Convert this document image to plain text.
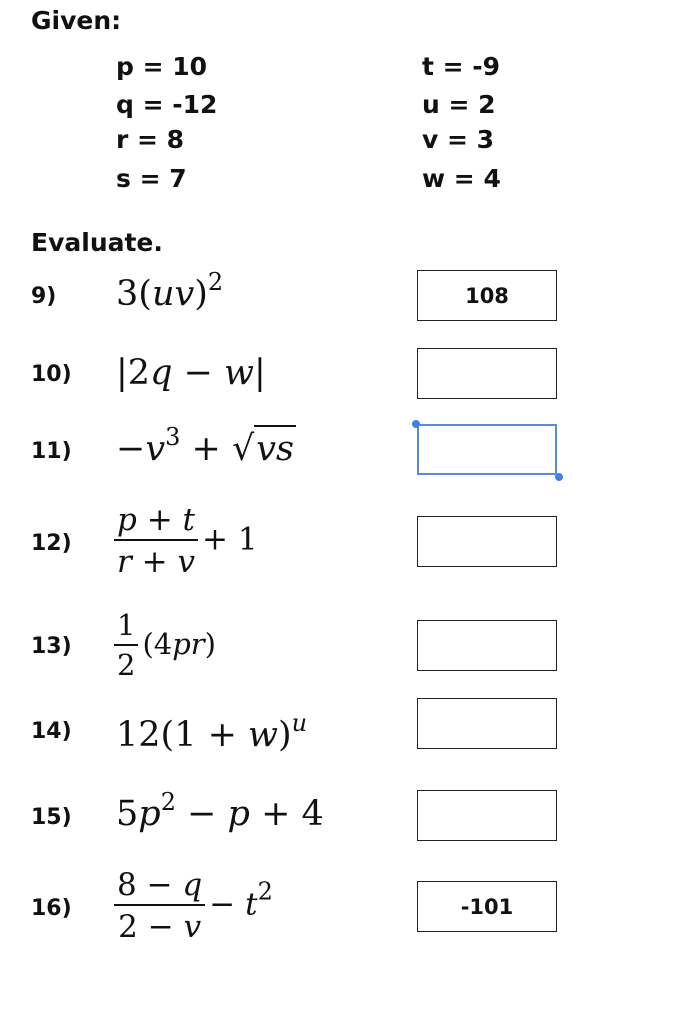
Given:
p = 10
q = -12
r = 8
s = 7
t = -9
u = 2
v = 3
w = 4
Evaluate.
9) 3(uv)$^2$	108
10) |2q − w|
$11) -v^3 + √vs$
$12) \frac{p + t}{r + v} + 1$
$13) \frac{1}{2} (4pr)$
14) $12(1 + w)^u$
15) $5p^2 - p + 4$
$16) \frac{8 - q}{2 - v} - t^2$
-101
